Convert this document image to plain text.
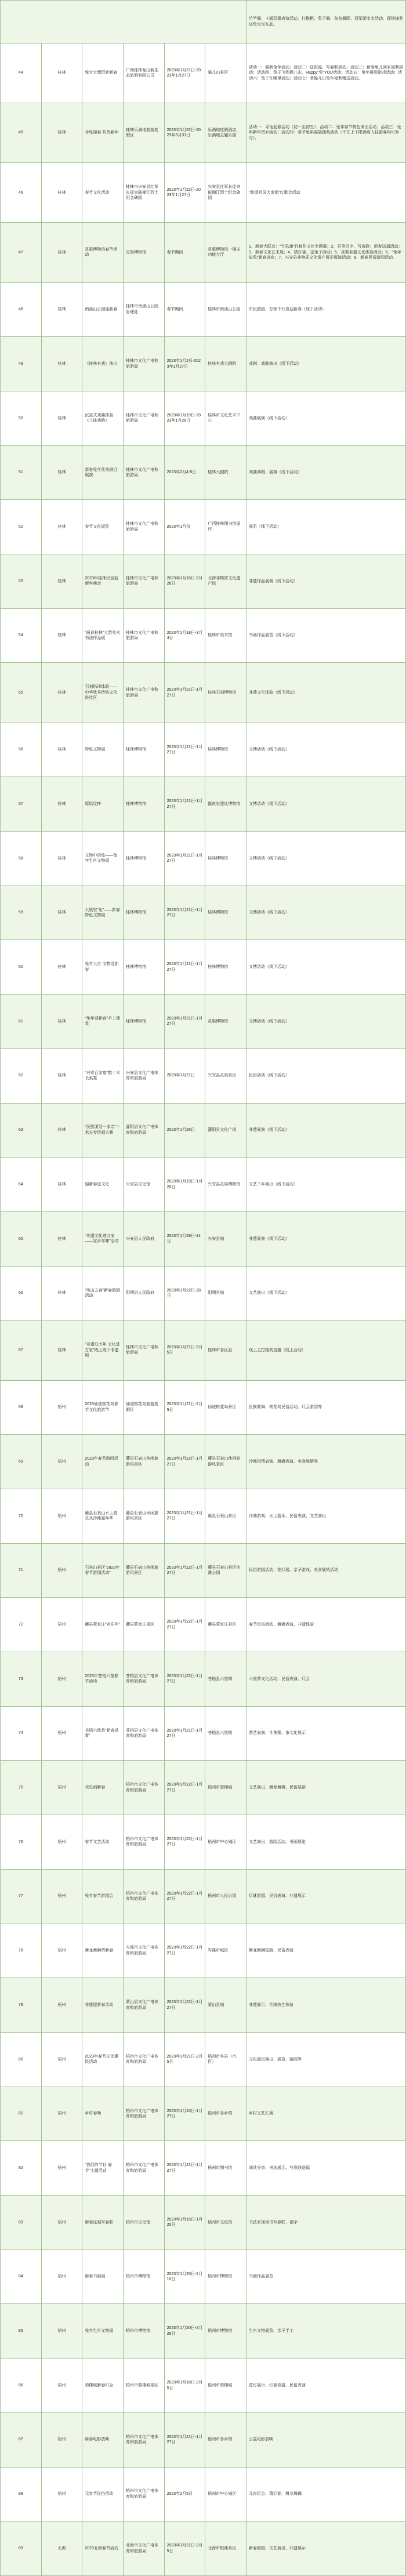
						竹竿舞、卡通玩偶表演活动，打糍粑、兔子舞、鱼鱼舞蹈、冠军团宝宝活动，现场抽奖送兔宝宝礼品。
44	桂林	兔宝宝想玩转新春	广西桂林龙山新生态旅游有限公司	2023年1月21日-2023年1月27日	猫儿山景区	活动一：迎新兔年活动；活动二：送祝福、写春联活动；活动三：新春兔儿回家福利活动；活动四：兔子飞到猫儿山，Happy“兔”YOU活动；活动五：兔年拼图游戏活动；活动六：兔子在哪里活动；活动七：老猫儿山兔年福利赠送活动。
45	桂林	寻兔迎春 共贺新年	桂林乐满地旅游度假区	2023年1月22日-2023年3月31日	乐满地度假酒店、乐满地主题乐园	活动一：寻兔迎春活动（初一至初五）；活动二：兔年春节特色演出活动；活动三：兔年新年贺岁活动；活动四：春节兔年福袋抽奖活动（不在上下限酒店入住游客均可参与）。
46	桂林	春节文化活动	桂林市兴安县红军长征突破湘江烈士纪念碑园	2023年1月22日-2023年1月27日	兴安县红军长征突破湘江烈士纪念碑园	“歌颂祖国大家唱”红歌会活动
47	桂林	灵渠博物馆春节活动	灵渠博物馆	春节期间	灵渠博物馆一楼多功能大厅	1、新春大联欢：“竹乐魂”竹制作文化专题展；2、开笔习字、写春联：新春送福活动；3、新春文化艺术展；4、猜灯谜、送兔子活动；5、灵渠非遗文化体验活动；6、“兔年说兔”新春讲座；7、兴安县非物质文化遗产展示展演活动；8、新春民俗游园活动。
48	桂林	南溪山公园迎新春	桂林市南溪山公园管理处	春节期间	桂林市南溪山公园	市民游园、万家千灯喜迎新春（线下活动）
49	桂林	《桂林有戏》演出	桂林市文化广电和旅游局	2023年1月2日-2023年1月27日	桂林有戏大剧院	戏剧、戏曲演出（线下活动）
50	桂林	沉浸式戏曲体验《八桂戏韵》	桂林市文化广电和旅游局	2023年1月19日-2023年1月28日	桂林市文化艺术中心	戏曲展演（线下活动）
51	桂林	新春兔年优秀剧目展演	桂林市文化广电和旅游局	2023年2月4-5日	桂林大剧院	戏曲演唱、展演（线下活动）
52	桂林	春节文化展览	桂林市文化广电和旅游局	2023年1月份	广西桂林图书馆展厅	展览（线下活动）
53	桂林	2023年桂林民俗迎新年晚会	桂林市文化广电和旅游局	2023年1月16日-2月28日	北荷非物质文化遗产馆	非遗作品展演（线下活动）
54	桂林	“画说桂林”大型美术书法作品展	桂林市文化广电和旅游局	2023年1月18日-3月4日	桂林市美术馆	书画作品展览（线下活动）
55	桂林	石刻拓印体验——中华优秀传统文化进社区	桂林市文化广电和旅游局	2023年1月21日-1月27日	桂林石刻博物馆	非遗文化体验（线下活动）
56	桂林	特色文物展	桂林博物馆	2023年1月21日-1月27日	桂林博物馆	文博活动（线下活动）
57	桂林	原始纹样	桂林博物馆	2023年1月21日-1月27日	甑皮岩遗址博物馆	文博活动（线下活动）
58	桂林	文物中的兔——兔年生肖文物展	桂林博物馆	2023年1月21日-1月27日	桂林博物馆	文博活动（线下活动）
59	桂林	大展宏“兔”——新春特色文物展	桂林博物馆	2023年1月21日-1月27日	桂林博物馆	文博活动（线下活动）
60	桂林	兔年大吉·文物迎新春	桂林博物馆	2023年1月21日-1月27日	桂林博物馆	文博活动（线下活动）
61	桂林	“兔年迎新春”手工课堂	桂林博物馆	2023年1月21日-1月27日	灵渠博物馆	文博活动（线下活动）
62	桂林	“兴安百家宴”暨十米长桌宴	兴安县文化广电体育和旅游局	2023年1月21日	兴安县灵渠景区	民俗活动（线下活动）
63	桂林	“民族团结一家亲”十米长卷绘画大赛	灌阳县文化广电体育和旅游局	2023年1月26日	灌阳县文化广场	非遗展演（线下活动）
64	桂林	迎新春送文化	兴安县文化馆	2023年1月19日-1月20日	兴安县灵渠博物馆	文艺下乡演出（线下活动）
65	桂林	“非遗文化进万家——家乡年味”活动	兴安县人民政府	2023年1月29日-31日	兴安县城	非遗展演（线下活动）
66	桂林	“风山之春”新春游园活动	阳朔县人民政府	2023年1月22日-28日	阳朔县城	文艺演出（线下活动）
67	桂林	“非遗过大年 文化进万家”线上线下非遗展	桂林市文化广电和旅游局	2023年1月21日-2月5日	桂林市各区县	线上主打抽奖直播（线上活动）
68	梧州	2023仙迹桃花岛春节文化旅游节	仙迹桃花岛旅游度假区	2023年1月21日-2月5日	仙迹桃花岛景区	民族歌舞、桃花岛民俗活动、灯会游园等
69	梧州	2023年春节游园活动	藤县石表山休闲旅游风景区	2023年1月22日-1月27日	藤县石表山休闲旅游风景区	沙滩风情表演、舞狮表演、美食展销等
70	梧州	藤县石表山水上游乐及沙滩嘉年华	藤县石表山休闲旅游风景区	2023年1月21日-1月27日	藤县石表山景区	沙滩游戏、水上游乐、民俗表演、文艺演出
71	梧州	石表山景区“2023年春节游园活动”	藤县石表山休闲旅游风景区	2023年1月22日-1月27日	藤县石表山景区沙滩公园	民俗游园活动、花灯展、亲子游戏、美食展销活动
72	梧州	藤县蒙家庄“欢乐年”	藤县蒙家庄景区	2023年1月22日-1月27日	藤县蒙家庄景区	春节民俗活动、舞狮表演、非遗体验
73	梧州	2023年苍梧六堡春节活动	苍梧县文化广电体育和旅游局	2023年1月22日-1月27日	苍梧县六堡镇	六堡茶文化活动、民俗表演、灯会
74	梧州	苍梧六堡茶“新春茶事”	苍梧县文化广电体育和旅游局	2023年1月21日-1月27日	苍梧县六堡镇	茶艺表演、斗茶赛、茶文化展示
75	梧州	欢乐闹新春	梧州市文化广电体育和旅游局	2023年1月22日-1月27日	梧州市骑楼城	文艺演出、舞龙舞狮、民俗巡游
76	梧州	春节文艺活动	梧州市文化广电体育和旅游局	2023年1月22日-1月27日	梧州市中心城区	文艺演出、游园活动、书画展览
77	梧州	兔年春节游园会	梧州市文化广电体育和旅游局	2023年1月22日-1月27日	梧州市人民公园	灯谜游园、民俗表演、非遗展示
78	梧州	舞龙舞狮贺新春	岑溪市文化广电体育和旅游局	2023年1月22日-1月27日	岑溪市城区	舞龙舞狮巡游、民俗表演
79	梧州	非遗迎新春活动	蒙山县文化广电体育和旅游局	2023年1月22日-1月27日	蒙山县城	非遗展示、传统技艺体验
80	梧州	2023年春节文化惠民活动	梧州市文化广电体育和旅游局	2023年1月21日-2月5日	梧州市各县（市、区）	文化惠民演出、展览、游园等
81	梧州	乡村春晚	梧州市文化广电体育和旅游局	2023年1月15日-1月27日	梧州市各乡镇	乡村文艺汇演
82	梧州	“我们的节日·春节”主题活动	梧州市文化广电体育和旅游局	2023年1月21日-1月27日	梧州市图书馆	阅读分享、书法展示、写春联送福
83	梧州	新春送福写春联	梧州市文化馆	2023年1月15日-1月20日	梧州市文化馆	书法家现场书写春联、福字
84	梧州	新春书画展	梧州市博物馆	2023年1月20日-2月10日	梧州市博物馆	书画作品展览
85	梧州	兔年生肖文物展	梧州市博物馆	2023年1月20日-2月28日	梧州市博物馆	生肖文物展览、亲子手工
86	梧州	骑楼城新春灯会	梧州市骑楼城景区	2023年1月18日-2月5日	梧州市骑楼城	花灯展示、灯谜竞猜、民俗表演
87	梧州	新春电影放映	梧州市文化广电体育和旅游局	2023年1月21日-1月27日	梧州市各乡镇	公益电影放映
88	梧州	元宵节民俗活动	梧州市文化广电体育和旅游局	2023年2月5日	梧州市中心城区	元宵灯会、猜灯谜、舞龙舞狮
89	北海	2023北海春节活动	北海市文化广电体育和旅游局	2023年1月21日-2月5日	北海市银滩景区	新春游园、文艺演出、非遗展示
